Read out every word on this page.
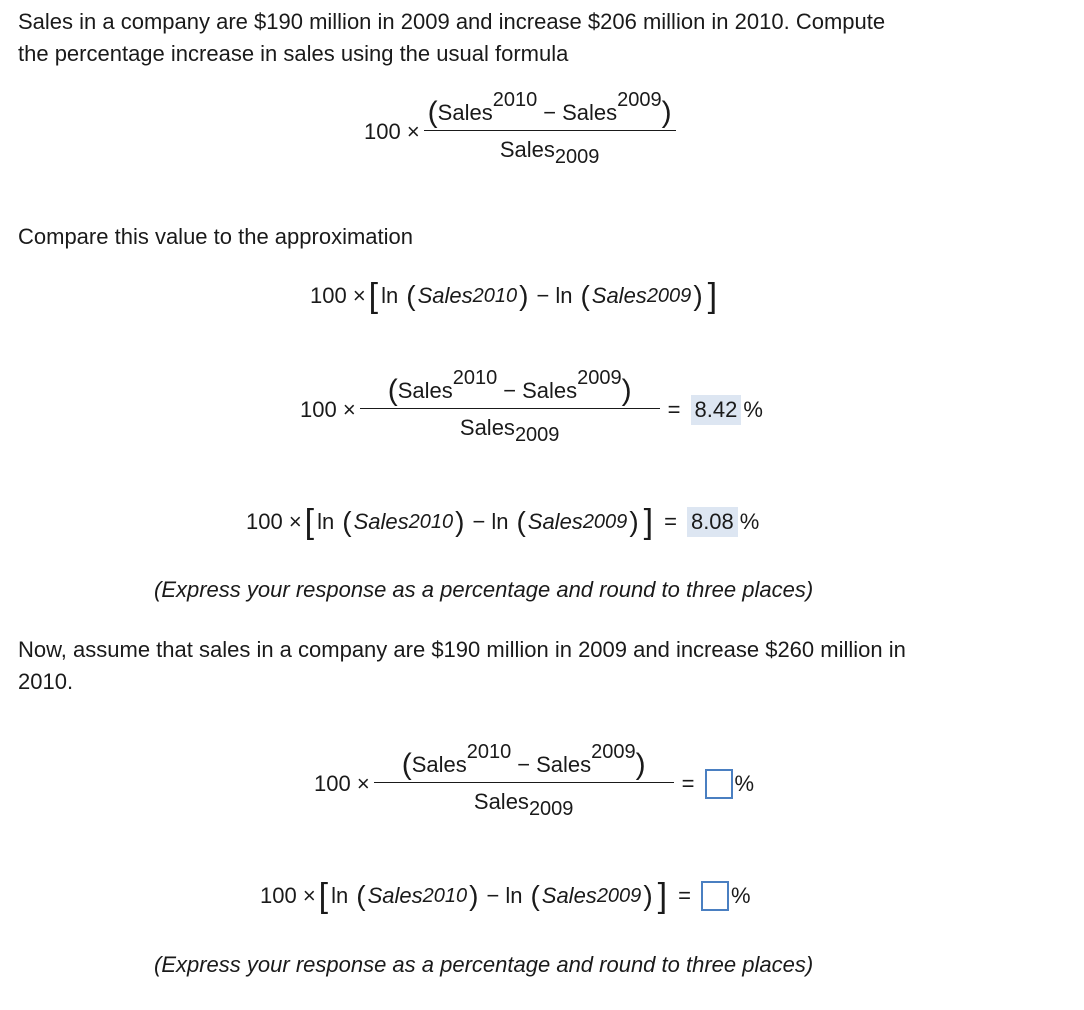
Sales in a company are $190 million in 2009 and increase $206 million in 2010. Compute
the percentage increase in sales using the usual formula
$100 \times \frac{\text{( Sales 2010 − Sales 2009 )}}{Sales_{2009}}$
Compare this value to the approximation
100 × [ ln ( Sales 2010 ) − ln ( Sales 2009 ) ]
$100 \times \frac{\text{( Sales 2010 − Sales 2009 )}}{Sales_{2009}} = 8.42$ %
100 × [ ln ( Sales 2010 ) − ln ( Sales 2009 ) ] = 8.08 %
(Express your response as a percentage and round to three places)
Now, assume that sales in a company are $190 million in 2009 and increase $260 million in
2010.
$100 \times \frac{\text{( Sales 2010 − Sales 2009 )}}{Sales_{2009}}$ = %
100 × [ ln ( Sales 2010 ) − ln ( Sales 2009 ) ] = %
(Express your response as a percentage and round to three places)
